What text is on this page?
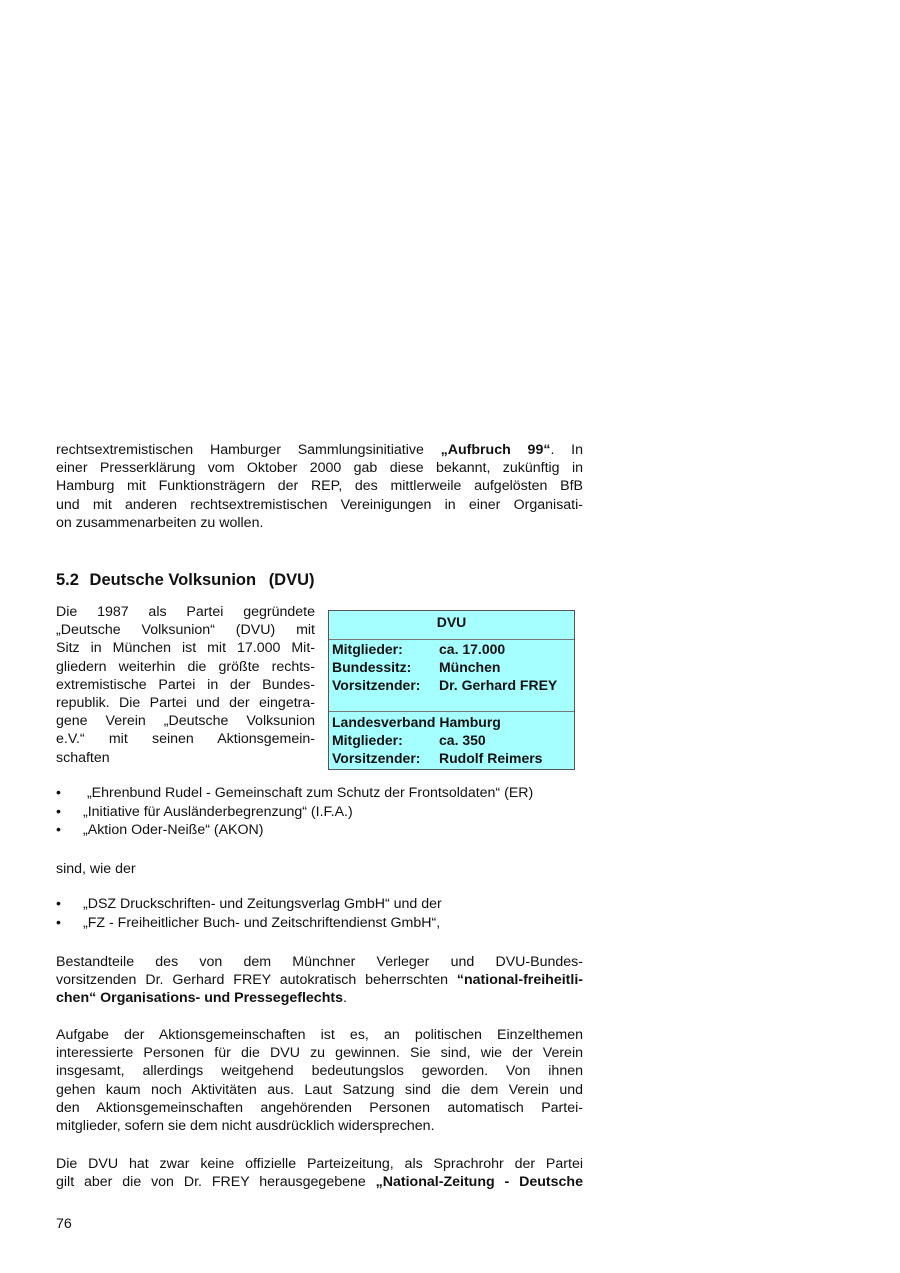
rechtsextremistischen Hamburger Sammlungsinitiative „Aufbruch 99“. In
einer Presserklärung vom Oktober 2000 gab diese bekannt, zukünftig in
Hamburg mit Funktionsträgern der REP, des mittlerweile aufgelösten BfB
und mit anderen rechtsextremistischen Vereinigungen in einer Organisati-
on zusammenarbeiten zu wollen.
5.2 Deutsche Volksunion (DVU)
Die 1987 als Partei gegründete
„Deutsche Volksunion“ (DVU) mit
Sitz in München ist mit 17.000 Mit-
gliedern weiterhin die größte rechts-
extremistische Partei in der Bundes-
republik. Die Partei und der eingetra-
gene Verein „Deutsche Volksunion
e.V.“ mit seinen Aktionsgemein-
schaften
DVU
Mitglieder:	ca. 17.000
Bundessitz: München
Vorsitzender: Dr. Gerhard FREY
Landesverband Hamburg
Mitglieder:	ca. 350
Vorsitzender: Rudolf Reimers
• „Ehrenbund Rudel - Gemeinschaft zum Schutz der Frontsoldaten“ (ER)
• „Initiative für Ausländerbegrenzung“ (I.F.A.)
• „Aktion Oder-Neiße“ (AKON)

sind, wie der

• „DSZ Druckschriften- und Zeitungsverlag GmbH“ und der
• „FZ - Freiheitlicher Buch- und Zeitschriftendienst GmbH“,
Bestandteile des von dem Münchner Verleger und DVU-Bundes-
vorsitzenden Dr. Gerhard FREY autokratisch beherrschten “national-freiheitli-
chen“ Organisations- und Pressegeflechts.
Aufgabe der Aktionsgemeinschaften ist es, an politischen Einzelthemen
interessierte Personen für die DVU zu gewinnen. Sie sind, wie der Verein
insgesamt, allerdings weitgehend bedeutungslos geworden. Von ihnen
gehen kaum noch Aktivitäten aus. Laut Satzung sind die dem Verein und
den Aktionsgemeinschaften angehörenden Personen automatisch Partei-
mitglieder, sofern sie dem nicht ausdrücklich widersprechen.
Die DVU hat zwar keine offizielle Parteizeitung, als Sprachrohr der Partei
gilt aber die von Dr. FREY herausgegebene „National-Zeitung - Deutsche

76
